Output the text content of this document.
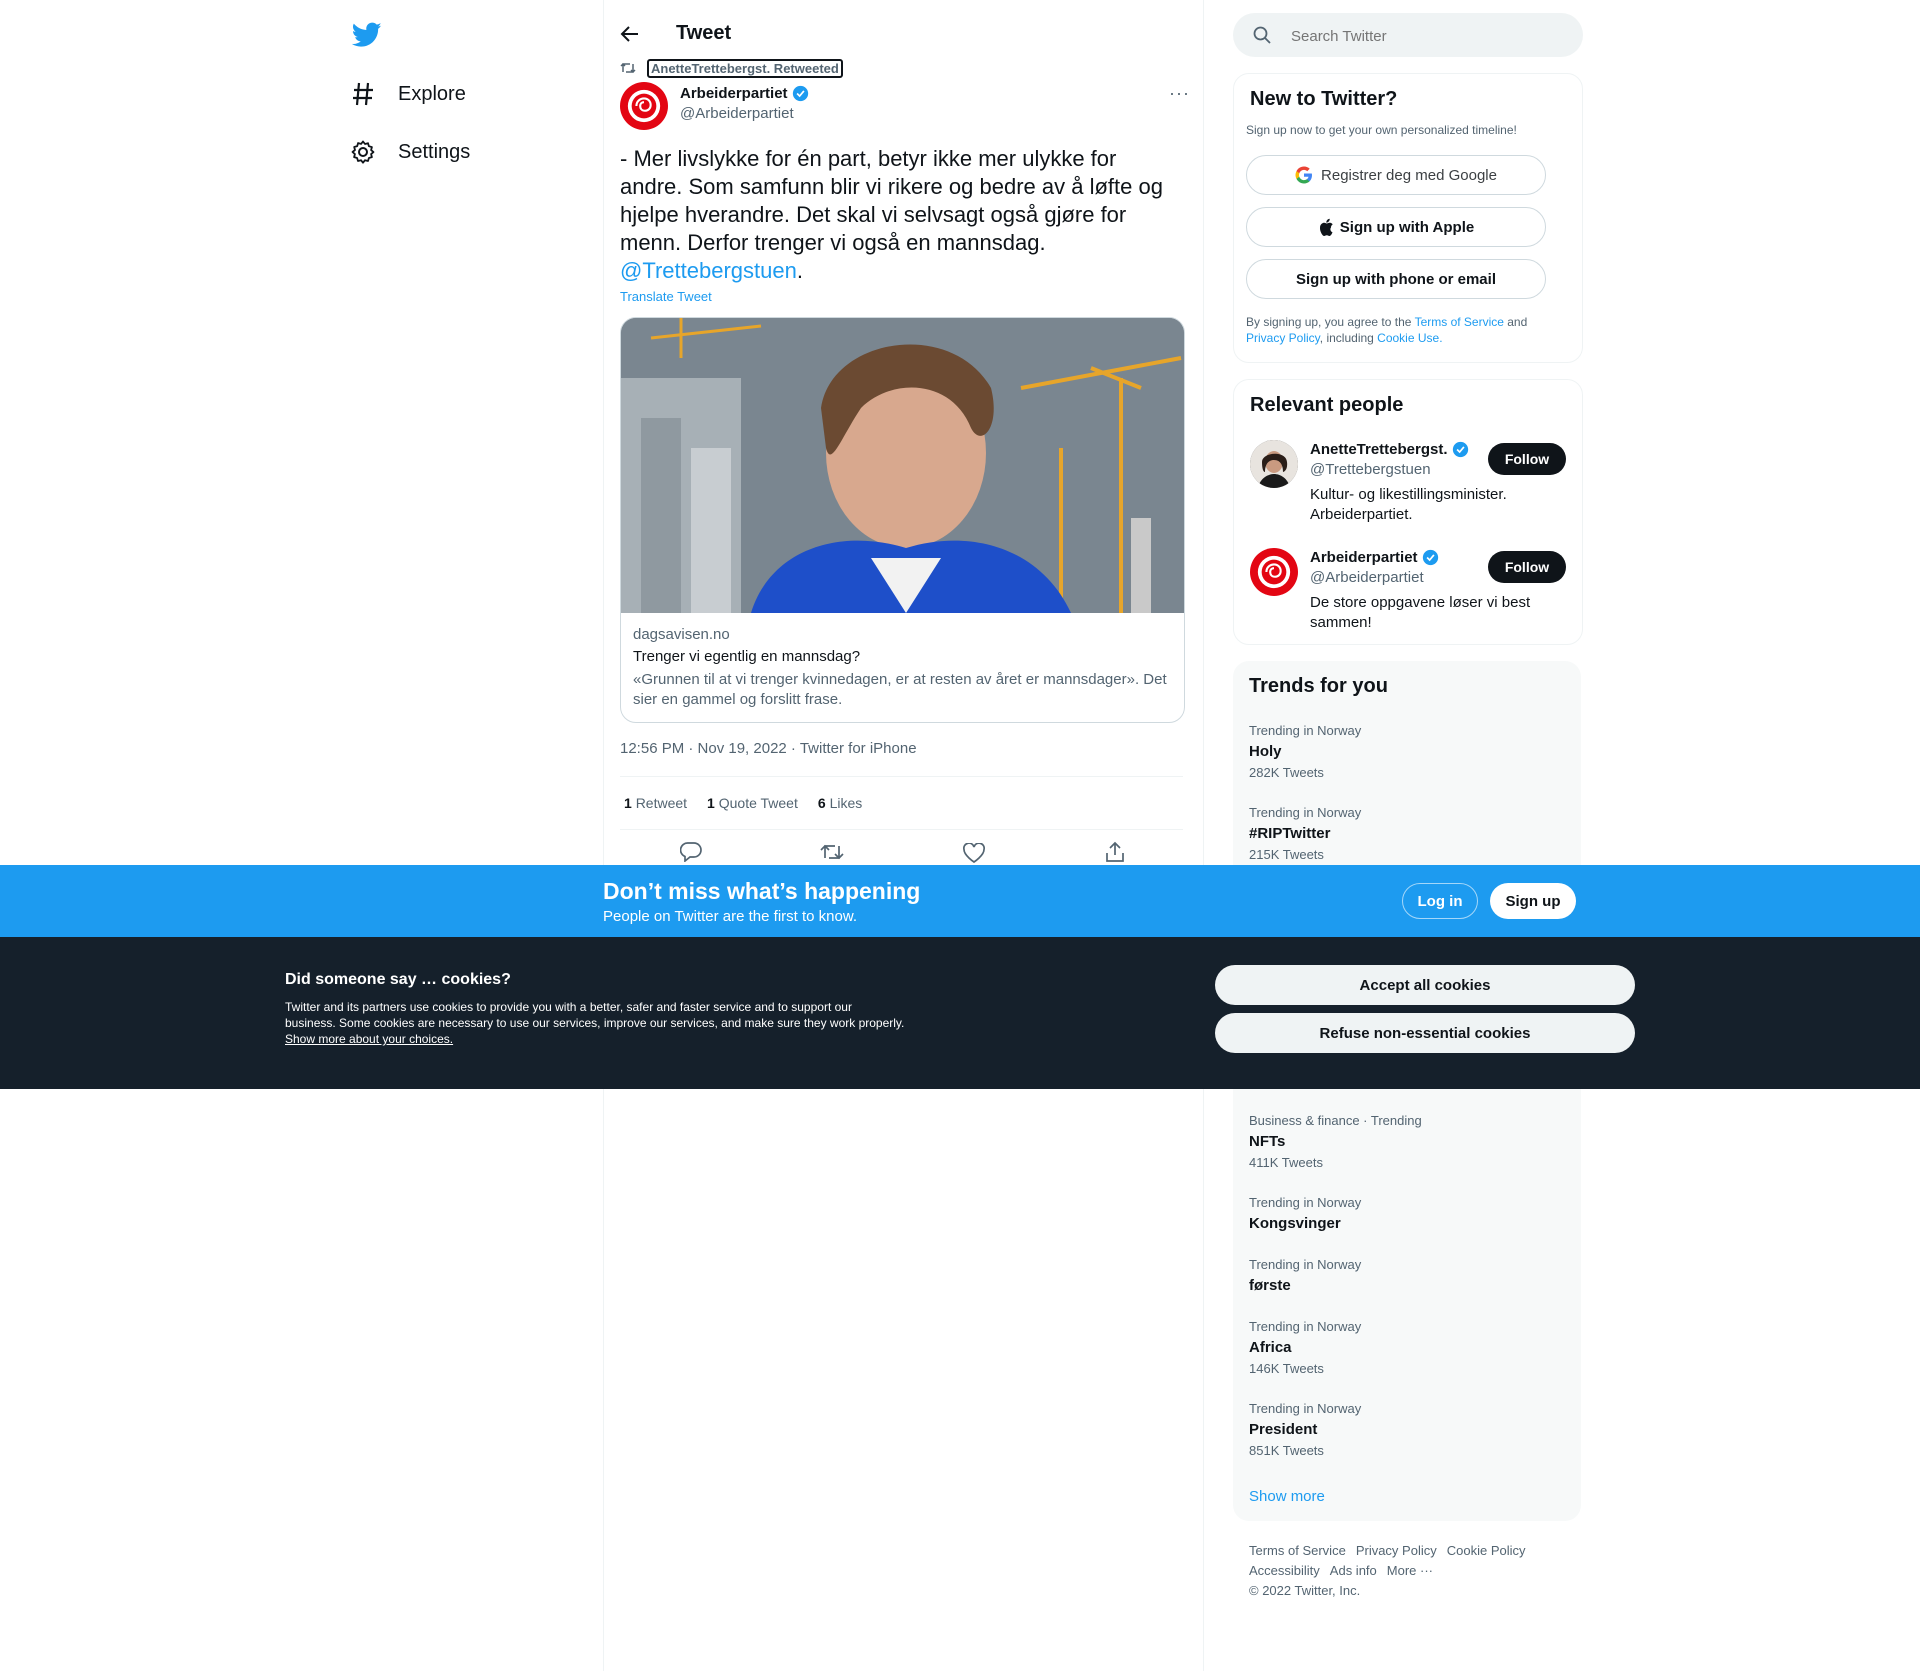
Explore
Settings
Tweet
AnetteTrettebergst. Retweeted
Arbeiderpartiet
@Arbeiderpartiet
···
- Mer livslykke for én part, betyr ikke mer ulykke for andre. Som samfunn blir vi rikere og bedre av å løfte og hjelpe hverandre. Det skal vi selvsagt også gjøre for menn. Derfor trenger vi også en mannsdag. @Trettebergstuen.
Translate Tweet
dagsavisen.no
Trenger vi egentlig en mannsdag?
«Grunnen til at vi trenger kvinnedagen, er at resten av året er mannsdager». Det sier en gammel og forslitt frase.
12:56 PM · Nov 19, 2022 · Twitter for iPhone
1 Retweet 1 Quote Tweet 6 Likes
Search Twitter
New to Twitter?
Sign up now to get your own personalized timeline!
Registrer deg med Google
Sign up with Apple
Sign up with phone or email
By signing up, you agree to the Terms of Service and Privacy Policy, including Cookie Use.
Relevant people
AnetteTrettebergst.
@Trettebergstuen
Kultur- og likestillingsminister. Arbeiderpartiet.
Follow
Arbeiderpartiet
@Arbeiderpartiet
De store oppgavene løser vi best sammen!
Follow
Trends for you
Trending in Norway
Holy
282K Tweets
Trending in Norway
#RIPTwitter
215K Tweets
Business & finance · Trending
NFTs
411K Tweets
Trending in Norway
Kongsvinger
Trending in Norway
første
Trending in Norway
Africa
146K Tweets
Trending in Norway
President
851K Tweets
Show more
Terms of Service Privacy Policy Cookie Policy
Accessibility Ads info More ···
© 2022 Twitter, Inc.
Don’t miss what’s happening
People on Twitter are the first to know.
Log in	Sign up
Did someone say … cookies?
Twitter and its partners use cookies to provide you with a better, safer and faster service and to support our business. Some cookies are necessary to use our services, improve our services, and make sure they work properly. Show more about your choices.
Accept all cookies
Refuse non-essential cookies
